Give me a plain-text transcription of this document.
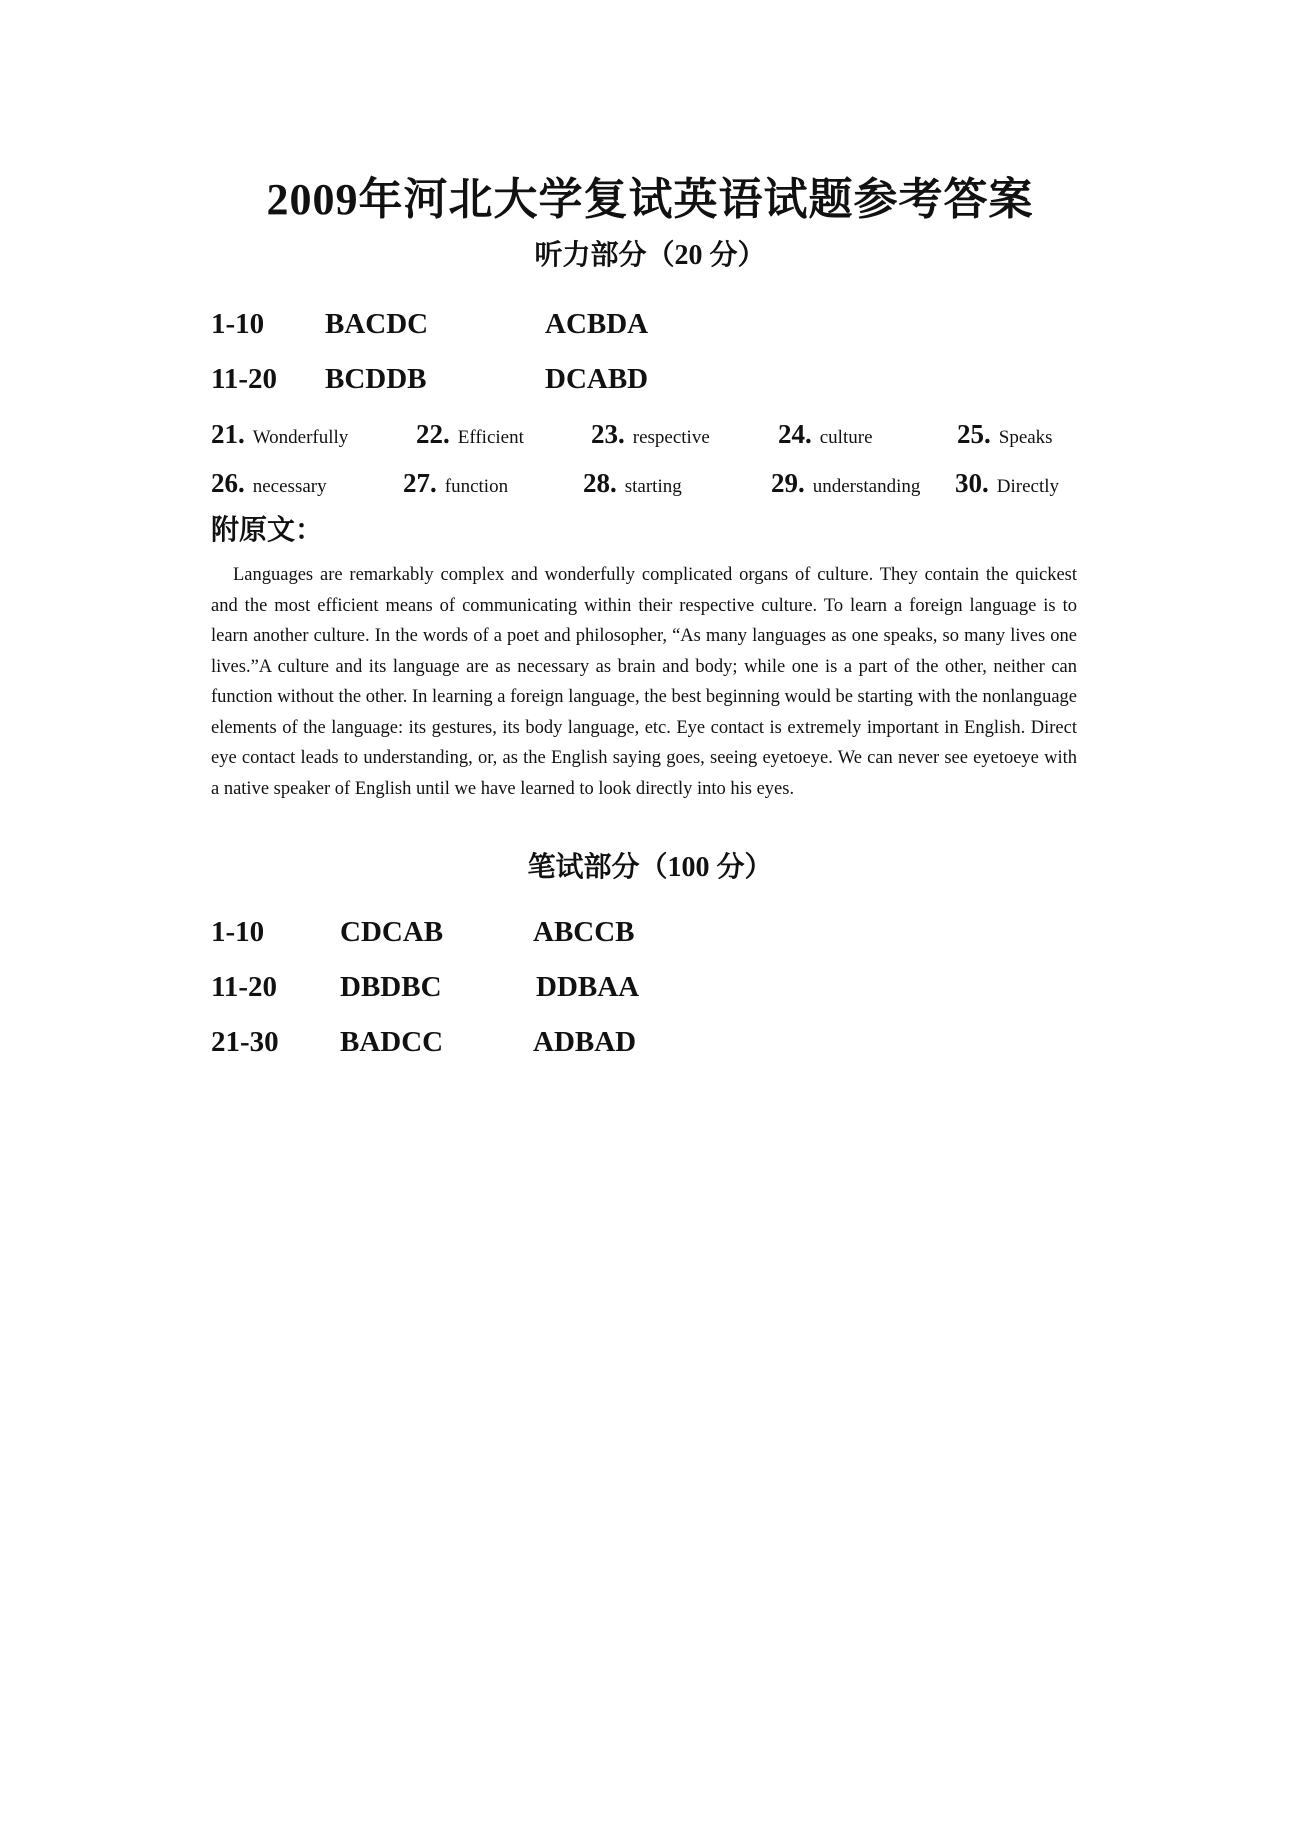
2009年河北大学复试英语试题参考答案
听力部分（20 分）
1-10 BACDC	ACBDA
11-20 BCDDB	DCABD
21. Wonderfully	22. Efficient 23. respective	24. culture	25. Speaks
26. necessary	27. function	28. starting	29. understanding 30. Directly
附原文：

Languages are remarkably complex and wonderfully complicated organs of culture. They contain the quickest and the most efficient means of communicating within their respective culture. To learn a foreign language is to learn another culture. In the words of a poet and philosopher, “As many languages as one speaks, so many lives one lives.”A culture and its language are as necessary as brain and body; while one is a part of the other, neither can function without the other. In learning a foreign language, the best beginning would be starting with the nonlanguage elements of the language: its gestures, its body language, etc. Eye contact is extremely important in English. Direct eye contact leads to understanding, or, as the English saying goes, seeing eyetoeye. We can never see eyetoeye with a native speaker of English until we have learned to look directly into his eyes.

笔试部分（100 分）
1-10	CDCAB	ABCCB
11-20 DBDBC	DDBAA
21-30 BADCC	ADBAD
